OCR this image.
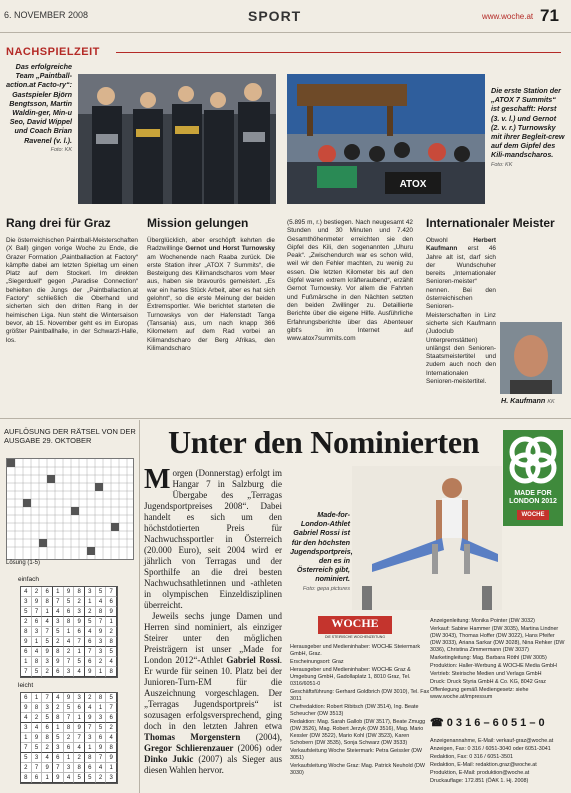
6. NOVEMBER 2008	SPORT	www.woche.at 71
NACHSPIELZEIT
Das erfolgreiche Team „Paintball-action.at Facto-ry“: Gastspieler Björn Bengtsson, Martin Waldin-ger, Min-u Seo, David Wippel und Coach Brian Ravenel (v. l.).
Foto: KK
ATOX
Die erste Station der „ATOX 7 Summits“ ist geschafft: Horst (3. v. l.) und Gernot (2. v. r.) Turnowsky mit ihrer Begleit-crew auf dem Gipfel des Kili-mandscharos.
Foto: KK
Rang drei für Graz
Die österreichischen Paintball-Meisterschaften (X Ball) gingen vorige Woche zu Ende, die Grazer Formation „Paintballaction at Factory“ kämpfte dabei am letzten Spieltag um einen Platz auf dem Stockerl. Im direkten „Siegerduell“ gegen „Paradise Connection“ behielten die Jungs der „Paintballaction.at Factory“ schließlich die Oberhand und sicherten sich den dritten Rang in der heimischen Liga. Nun steht die Wintersaison bevor, ab 15. November geht es im Europas größter Paintballhalle, in der Schwarzl-Halle, los.
Mission gelungen
Überglücklich, aber erschöpft kehrten die Radzwillinge Gernot und Horst Turnowsky am Wochenende nach Raaba zurück. Die erste Station ihrer „ATOX 7 Summits“, die Besteigung des Kilimandscharos vom Meer aus, haben sie bravourös gemeistert. „Es war ein hartes Stück Arbeit, aber es hat sich gelohnt“, so die erste Meinung der beiden Extremsportler. Wie berichtet starteten die Turnowskys von der Hafenstadt Tanga (Tansania) aus, um nach knapp 366 Kilometern auf dem Rad vorbei an Kilimandscharo der Berg Afrikas, den Kilimandscharo
(5.895 m, r.) bestiegen. Nach neugesamt 42 Stunden und 30 Minuten und 7.420 Gesamthöhenmeter erreichten sie den Gipfel des Kili, den sogenannten „Uhuru Peak“. „Zwischendurch war es schon wild, weil wir den Fehler machten, zu wenig zu essen. Die letzten Kilometer bis auf den Gipfel waren extrem kräfteraubend“, erzählt Gernot Turnowsky. Vor allem die Fahrten und Fußmärsche in den Nächten setzten den beiden Zwillinger zu. Detaillierte Berichte über die eigene Hilfe. Ausführliche Erfahrungsberichte über das Abenteuer gibt's im Internet auf www.atox7summits.com
Internationaler Meister
Obwohl Herbert Kaufmann erst 46 Jahre alt ist, darf sich der Wundschuher bereits „Internationaler Senioren-meister“ nennen. Bei den österreichischen Senioren-Meisterschaften in Linz sicherte sich Kaufmann (Judoclub Unterpremstätten) unlängst den Senioren-Staatsmeistertitel und zudem auch noch den Internationalen Senioren-meistertitel.
H. Kaufmann KK
AUFLÖSUNG DER RÄTSEL VON DER AUSGABE 29. OKTOBER
Lösung (1-5)
einfach
4	2	6	1	9	8	3	5	7
3	9	8	7	5	2	1	4	6
5	7	1	4	6	3	2	8	9
2	6	4	3	8	9	5	7	1
8	3	7	5	1	6	4	9	2
9	1	5	2	4	7	6	3	8
6	4	9	8	2	1	7	3	5
1	8	3	9	7	5	6	2	4
7	5	2	6	3	4	9	1	8
leicht
6	1	7	4	9	3	2	8	5
9	8	3	2	5	6	4	1	7
4	2	5	8	7	1	9	3	6
3	4	6	1	8	9	7	5	2
1	9	8	5	2	7	3	6	4
7	5	2	3	6	4	1	9	8
5	3	4	6	1	2	8	7	9
2	7	9	7	3	8	6	4	1
8	6	1	9	4	5	5	2	3
Unter den Nominierten

Morgen (Donnerstag) erfolgt im Hangar 7 in Salzburg die Übergabe des „Terragas Jugendsportpreises 2008“. Dabei handelt es sich um den höchstdotierten Preis für Nachwuchssportler in Österreich (20.000 Euro), seit 2004 wird er jährlich von Terragas und der Sporthilfe an die drei besten Nachwuchsathletinnen und -athleten in olympischen Einzeldisziplinen überreicht.

Jeweils sechs junge Damen und Herren sind nominiert, als einziger Steirer unter den möglichen Preisträgern ist unser „Made for London 2012“-Athlet Gabriel Rossi. Er wurde für seinen 10. Platz bei der Junioren-Turn-EM für die Auszeichnung vorgeschlagen. Der „Terragas Jugendsportpreis“ ist sozusagen erfolgsversprechend, ging doch in den letzten Jahren etwa Thomas Morgenstern (2004), Gregor Schlierenzauer (2006) oder Dinko Jukic (2007) als Sieger aus diesen Wahlen hervor.

Made-for-London-Athlet Gabriel Rossi ist für den höchsten Jugendsportpreis, den es in Österreich gibt, nominiert.
Foto: gepa pictures
MADE FOR
LONDON 2012
WOCHE
WOCHE
DIE STEIRISCHE WOCHENZEITUNG

Herausgeber und Medieninhaber: WOCHE Steiermark GmbH, Graz.

Erscheinungsort: Graz

Herausgeber und Medieninhaber: WOCHE Graz & Umgebung GmbH, Gadollaplatz 1, 8010 Graz, Tel. 0316/6051-0

Geschäftsführung: Gerhard Goldbrich (DW 3010), Tel. Fax 3011

Chefredaktion: Robert Ribitsch (DW 3514), Ing. Beate Scheucher (DW 3513)

Redaktion: Mag. Sarah Gallob (DW 3517), Beate Zmugg (DW 3526), Mag. Robert Jerzyk (DW 3516), Mag. Mario Kessler (DW 3522), Mario Kohl (DW 3523), Karen Schobern (DW 3535), Sonja Schwarz (DW 3533)

Verkaufsleitung Woche Steiermark: Petra Geissler (DW 3051)

Verkaufsleitung Woche Graz: Mag. Patrick Neuhold (DW 3030)

Anzeigenleitung: Monika Pointer (DW 3032)

Verkauf: Sabine Hammer (DW 3035), Martina Lindner (DW 3043), Thomas Hoffer (DW 3022), Hans Pfeifer (DW 3033), Ariana Sarkar (DW 3028), Nina Rehker (DW 3036), Christina Zimmermann (DW 3037)

Marketingleitung: Mag. Barbara Röthl (DW 3005)

Produktion: Haller-Werbung & WOCHE Media GmbH

Vertrieb: Steirische Medien und Verlags GmbH

Druck: Druck Styria GmbH & Co. KG, 8042 Graz

Offenlegung gemäß Mediengesetz: siehe www.woche.at/impressum

☎ 0 3 1 6 – 6 0 5 1 – 0

Anzeigenannahme, E-Mail: verkauf-graz@woche.at

Anzeigen, Fax: 0 316 / 6051-3040 oder 6051-3041

Redaktion, Fax: 0 316 / 6051-3501

Redaktion, E-Mail: redaktion.graz@woche.at

Produktion, E-Mail: produktion@woche.at

Druckauflage: 172.851 (ÖAK 1. Hj. 2008)
